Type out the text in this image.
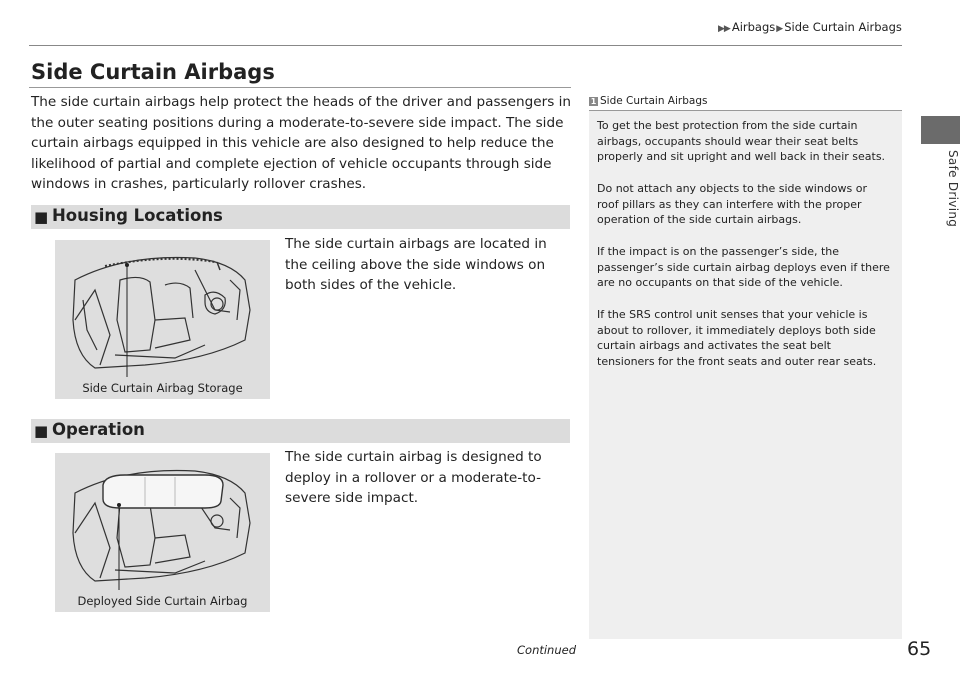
▶▶ Airbags▶ Side Curtain Airbags
Safe Driving
Side Curtain Airbags

The side curtain airbags help protect the heads of the driver and passengers in the outer seating positions during a moderate-to-severe side impact. The side curtain airbags equipped in this vehicle are also designed to help reduce the likelihood of partial and complete ejection of vehicle occupants through side windows in crashes, particularly rollover crashes.

■ Housing Locations

The side curtain airbags are located in the ceiling above the side windows on both sides of the vehicle.

Side Curtain Airbag Storage
■ Operation

The side curtain airbag is designed to deploy in a rollover or a moderate-to-severe side impact.

Deployed Side Curtain Airbag

To get the best protection from the side curtain airbags, occupants should wear their seat belts properly and sit upright and well back in their seats.

Do not attach any objects to the side windows or roof pillars as they can interfere with the proper operation of the side curtain airbags.

If the impact is on the passenger’s side, the passenger’s side curtain airbag deploys even if there are no occupants on that side of the vehicle.

If the SRS control unit senses that your vehicle is about to rollover, it immediately deploys both side curtain airbags and activates the seat belt tensioners for the front seats and outer rear seats.

1 Side Curtain Airbags
Continued	65
